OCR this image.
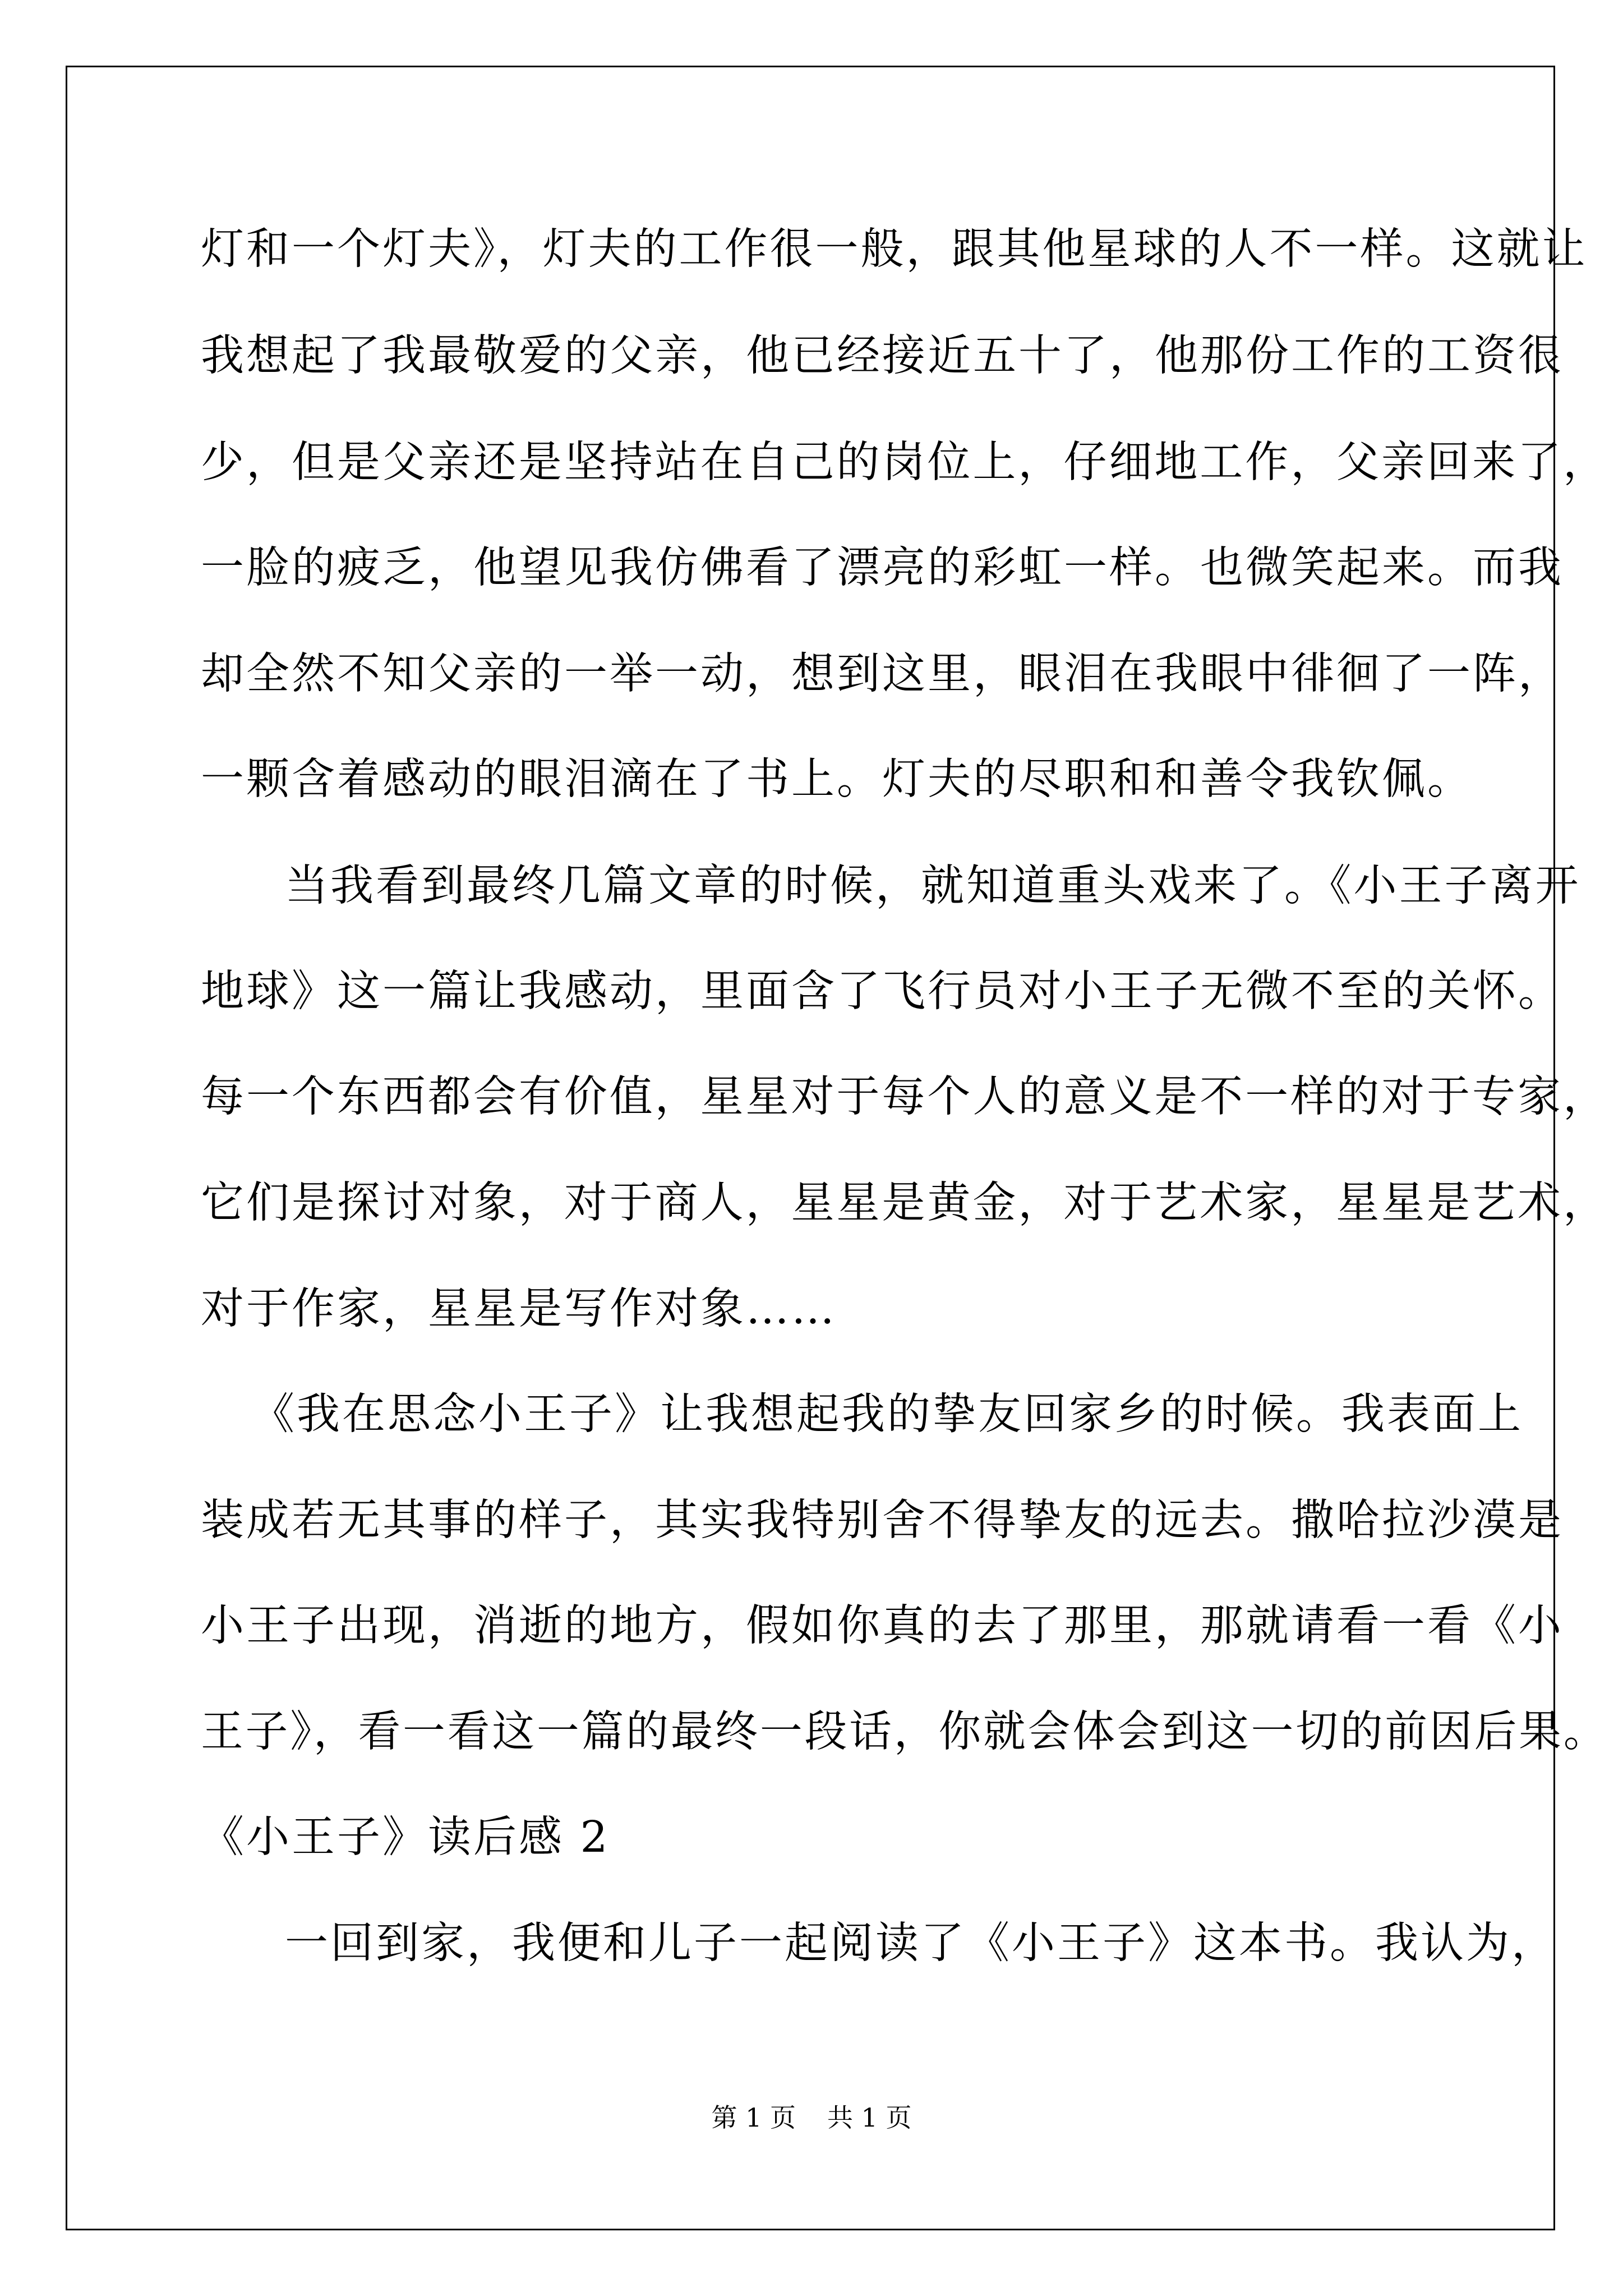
灯和一个灯夫》，灯夫的工作很一般，跟其他星球的人不一样。这就让
我想起了我最敬爱的父亲，他已经接近五十了，他那份工作的工资很
少，但是父亲还是坚持站在自己的岗位上，仔细地工作，父亲回来了，
一脸的疲乏，他望见我仿佛看了漂亮的彩虹一样。也微笑起来。而我
却全然不知父亲的一举一动，想到这里，眼泪在我眼中徘徊了一阵，
一颗含着感动的眼泪滴在了书上。灯夫的尽职和和善令我钦佩。
当我看到最终几篇文章的时候，就知道重头戏来了。《小王子离开
地球》这一篇让我感动，里面含了飞行员对小王子无微不至的关怀。
每一个东西都会有价值，星星对于每个人的意义是不一样的对于专家，
它们是探讨对象，对于商人，星星是黄金，对于艺术家，星星是艺术，
对于作家，星星是写作对象……
《我在思念小王子》让我想起我的挚友回家乡的时候。我表面上
装成若无其事的样子，其实我特别舍不得挚友的远去。撒哈拉沙漠是
小王子出现，消逝的地方，假如你真的去了那里，那就请看一看《小
王子》，看一看这一篇的最终一段话，你就会体会到这一切的前因后果。
《小王子》读后感 2
一回到家，我便和儿子一起阅读了《小王子》这本书。我认为，
第 1 页 共 1 页
